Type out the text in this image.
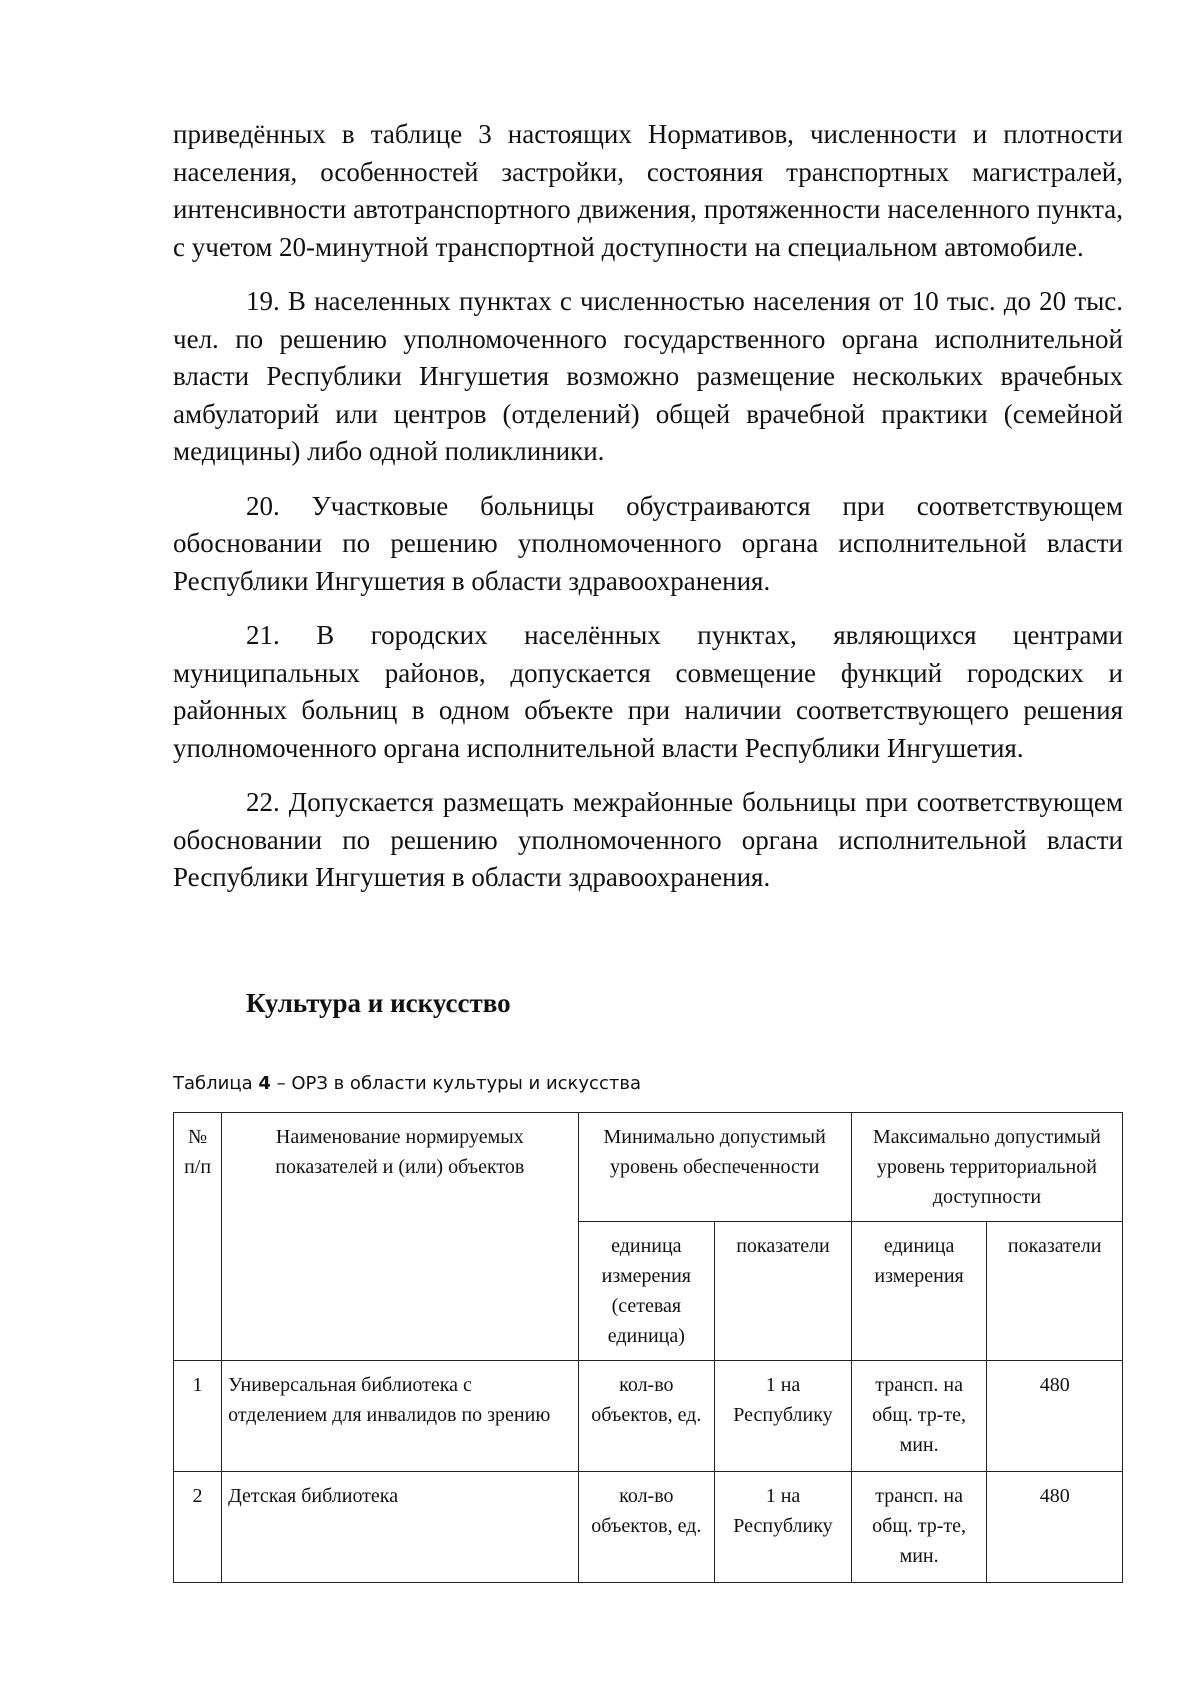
приведённых в таблице 3 настоящих Нормативов, численности и плотности населения, особенностей застройки, состояния транспортных магистралей, интенсивности автотранспортного движения, протяженности населенного пункта, с учетом 20-минутной транспортной доступности на специальном автомобиле.

19. В населенных пунктах с численностью населения от 10 тыс. до 20 тыс. чел. по решению уполномоченного государственного органа исполнительной власти Республики Ингушетия возможно размещение нескольких врачебных амбулаторий или центров (отделений) общей врачебной практики (семейной медицины) либо одной поликлиники.

20. Участковые больницы обустраиваются при соответствующем обосновании по решению уполномоченного органа исполнительной власти Республики Ингушетия в области здравоохранения.

21. В городских населённых пунктах, являющихся центрами муниципальных районов, допускается совмещение функций городских и районных больниц в одном объекте при наличии соответствующего решения уполномоченного органа исполнительной власти Республики Ингушетия.

22. Допускается размещать межрайонные больницы при соответствующем обосновании по решению уполномоченного органа исполнительной власти Республики Ингушетия в области здравоохранения.

Культура и искусство
Таблица 4 – ОРЗ в области культуры и искусства
№ п/п	Наименование нормируемых показателей и (или) объектов	Минимально допустимый уровень обеспеченности		Максимально допустимый уровень территориальной доступности	
		единица измерения (сетевая единица)	показатели	единица измерения	показатели
1	Универсальная библиотека с отделением для инвалидов по зрению	кол-во объектов, ед.	1 на Республику	трансп. на общ. тр-те, мин.	480
2	Детская библиотека	кол-во объектов, ед.	1 на Республику	трансп. на общ. тр-те, мин.	480
